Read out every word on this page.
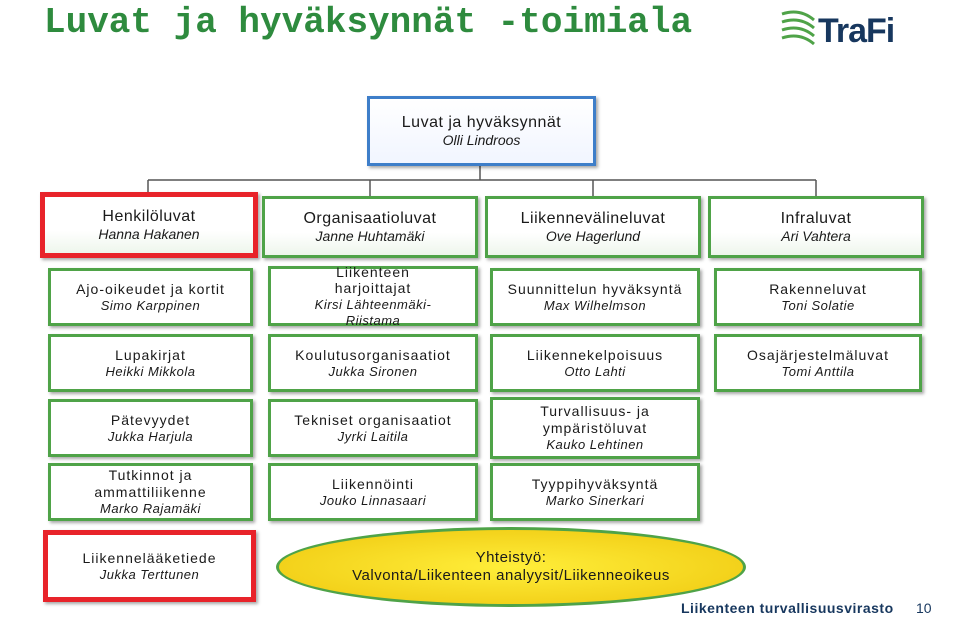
Luvat ja hyväksynnät -toimiala	TraFi
Luvat ja hyväksynnät
Olli Lindroos
Henkilöluvat
Hanna Hakanen
Ajo-oikeudet ja kortit
Simo Karppinen
Lupakirjat
Heikki Mikkola
Pätevyydet
Jukka Harjula
Tutkinnot ja ammattiliikenne
Marko Rajamäki
Liikennelääketiede
Jukka Terttunen
Organisaatioluvat
Janne Huhtamäki
Liikenteen harjoittajat
Kirsi Lähteenmäki-Riistama
Koulutusorganisaatiot
Jukka Sironen
Tekniset organisaatiot
Jyrki Laitila
Liikennöinti
Jouko Linnasaari
Liikennevälineluvat
Ove Hagerlund
Suunnittelun hyväksyntä
Max Wilhelmson
Liikennekelpoisuus
Otto Lahti
Turvallisuus- ja ympäristöluvat
Kauko Lehtinen
Tyyppihyväksyntä
Marko Sinerkari
Infraluvat
Ari Vahtera
Rakenneluvat
Toni Solatie
Osajärjestelmäluvat
Tomi Anttila
Yhteistyö:
Valvonta/Liikenteen analyysit/Liikenneoikeus
Liikenteen turvallisuusvirasto 10
